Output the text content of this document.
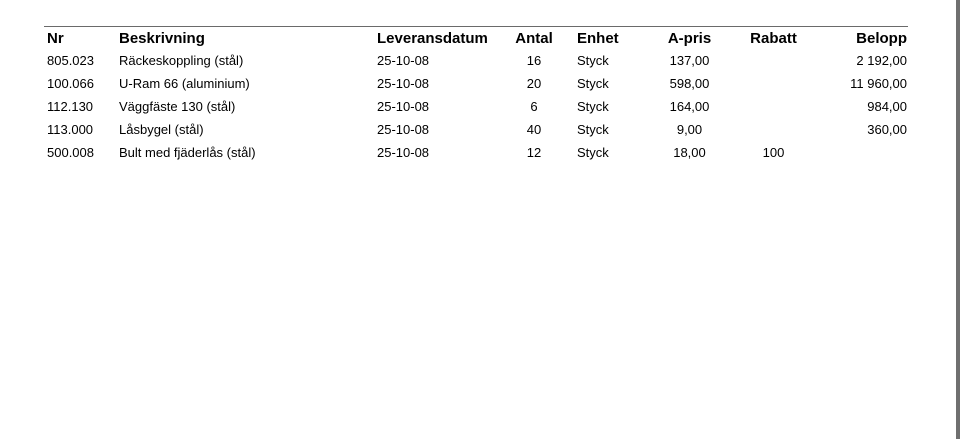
Nr	Beskrivning	Leveransdatum	Antal	Enhet	A-pris	Rabatt	Belopp
805.023	Räckeskoppling (stål)	25-10-08	16	Styck	137,00		2 192,00
100.066	U-Ram 66 (aluminium)	25-10-08	20	Styck	598,00		11 960,00
112.130	Väggfäste 130 (stål)	25-10-08	6	Styck	164,00		984,00
113.000	Låsbygel (stål)	25-10-08	40	Styck	9,00		360,00
500.008	Bult med fjäderlås (stål)	25-10-08	12	Styck	18,00	100	
